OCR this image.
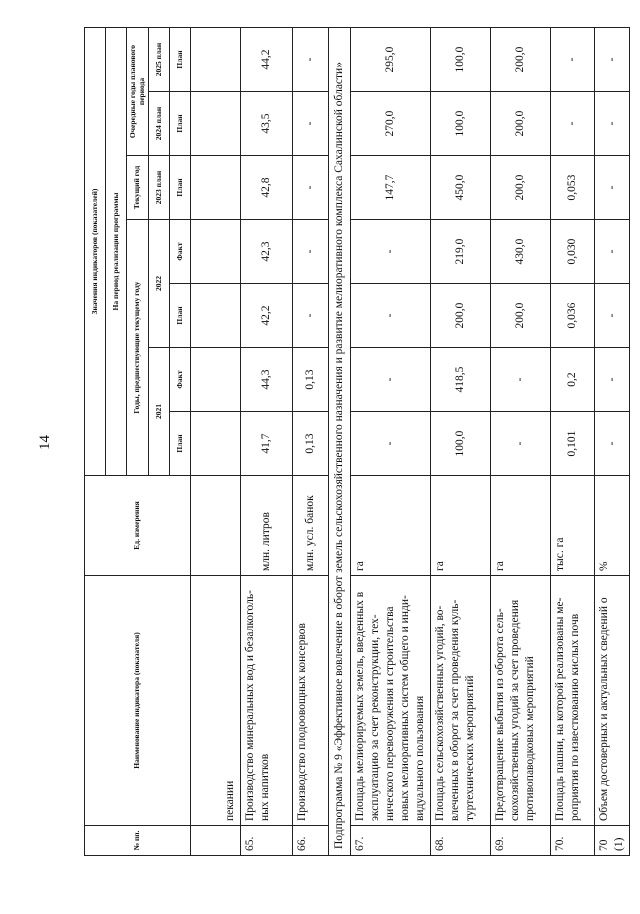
14
№ пп.	Наименование индикатора (показателя)	Ед. измерения	Значения индикаторов (показателей)						
			На период реализации программы						
			Годы, предшествующие текущему году				Текущий год	Очередные годы планового периода	
			2021		2022		2023 план	2024 план	2025 план
			План	Факт	План	Факт	План	План	План
	пекании								
65.	Производство минеральных вод и безалкоголь-ных напитков	млн. литров	41,7	44,3	42,2	42,3	42,8	43,5	44,2
66.	Производство плодоовощных консервов	млн. усл. банок	0,13	0,13	-	-	-	-	-
Подпрограмма № 9 «Эффективное вовлечение в оборот земель сельскохозяйственного назначения и развитие мелиоративного комплекса Сахалинской области»									
67.	Площадь мелиорируемых земель, введенных в эксплуатацию за счет реконструкции, тех-нического перевооружения и строительства новых мелиоративных систем общего и инди-видуального пользования	га	-	-	-	-	147,7	270,0	295,0
68.	Площадь сельскохозяйственных угодий, во-влеченных в оборот за счет проведения куль-туртехнических мероприятий	га	100,0	418,5	200,0	219,0	450,0	100,0	100,0
69.	Предотвращение выбытия из оборота сель-скохозяйственных угодий за счет проведения противопаводковых мероприятий	га	-	-	200,0	430,0	200,0	200,0	200,0
70.	Площадь пашни, на которой реализованы ме-роприятия по известкованию кислых почв	тыс. га	0,101	0,2	0,036	0,030	0,053	-	-
70 (1)	Объем достоверных и актуальных сведений о	%	-	-	-	-	-	-	-
